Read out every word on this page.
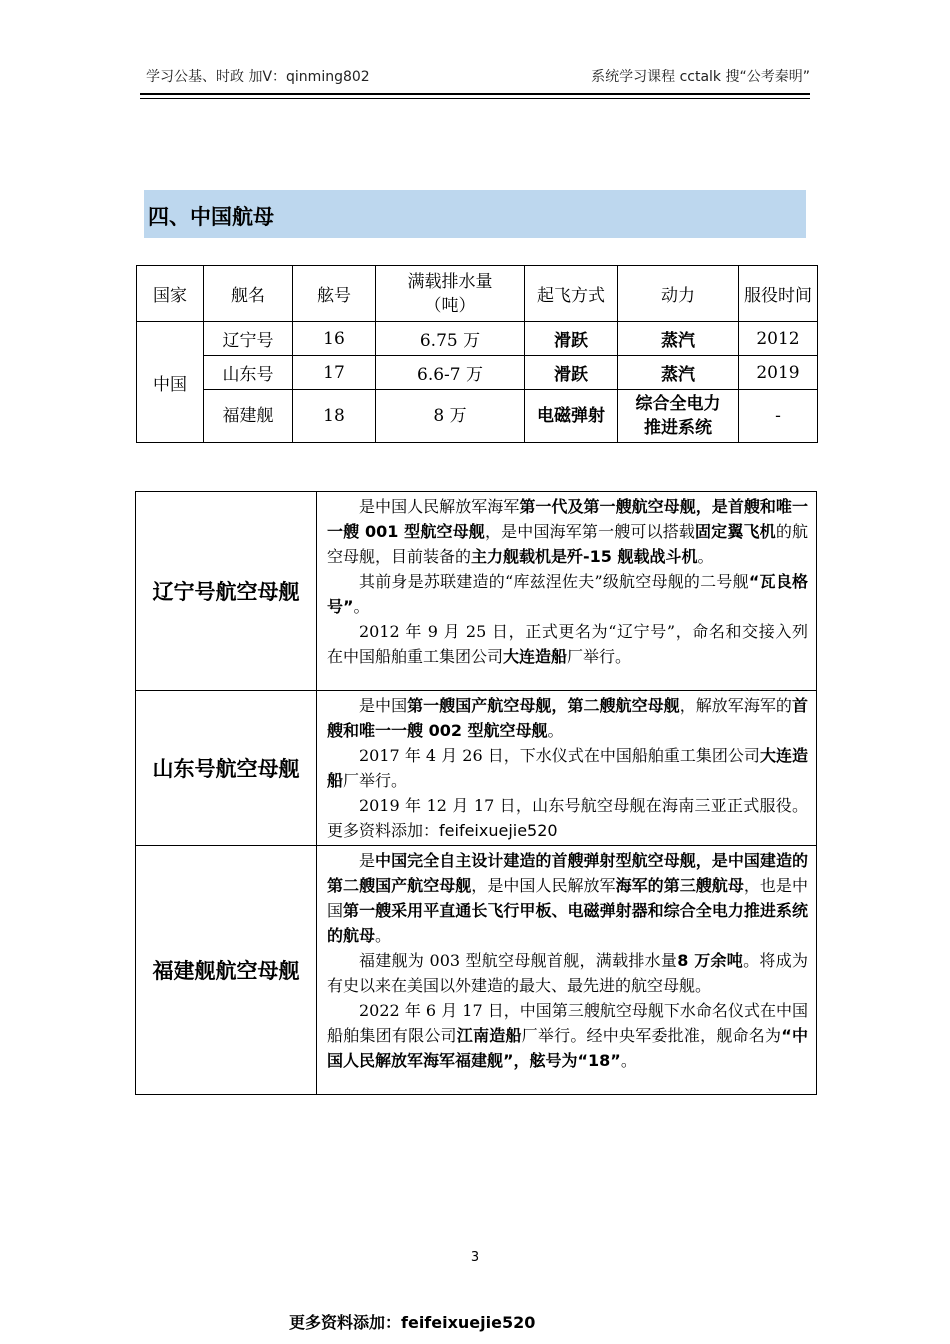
学习公基、时政 加V：qinming802	系统学习课程 cctalk 搜“公考秦明”
四、中国航母
国家	舰名	舷号	满载排水量（吨）	起飞方式	动力	服役时间
中国	辽宁号	16	6.75 万	滑跃	蒸汽	2012
	山东号	17	6.6-7 万	滑跃	蒸汽	2019
	福建舰	18	8 万	电磁弹射	综合全电力推进系统	-
辽宁号航空母舰	是中国人民解放军海军第一代及第一艘航空母舰，是首艘和唯一一艘 001 型航空母舰，是中国海军第一艘可以搭载固定翼飞机的航空母舰，目前装备的主力舰载机是歼-15 舰载战斗机。

其前身是苏联建造的“库兹涅佐夫”级航空母舰的二号舰“瓦良格号”。

2012 年 9 月 25 日，正式更名为“辽宁号”，命名和交接入列在中国船舶重工集团公司大连造船厂举行。

山东号航空母舰	是中国第一艘国产航空母舰，第二艘航空母舰，解放军海军的首艘和唯一一艘 002 型航空母舰。

2017 年 4 月 26 日，下水仪式在中国船舶重工集团公司大连造船厂举行。

2019 年 12 月 17 日，山东号航空母舰在海南三亚正式服役。更多资料添加：feifeixuejie520

福建舰航空母舰	是中国完全自主设计建造的首艘弹射型航空母舰，是中国建造的第二艘国产航空母舰，是中国人民解放军海军的第三艘航母，也是中国第一艘采用平直通长飞行甲板、电磁弹射器和综合全电力推进系统的航母。

福建舰为 003 型航空母舰首舰，满载排水量8 万余吨。将成为有史以来在美国以外建造的最大、最先进的航空母舰。

2022 年 6 月 17 日，中国第三艘航空母舰下水命名仪式在中国船舶集团有限公司江南造船厂举行。经中央军委批准，舰命名为“中国人民解放军海军福建舰”，舷号为“18”。

3
更多资料添加：feifeixuejie520
